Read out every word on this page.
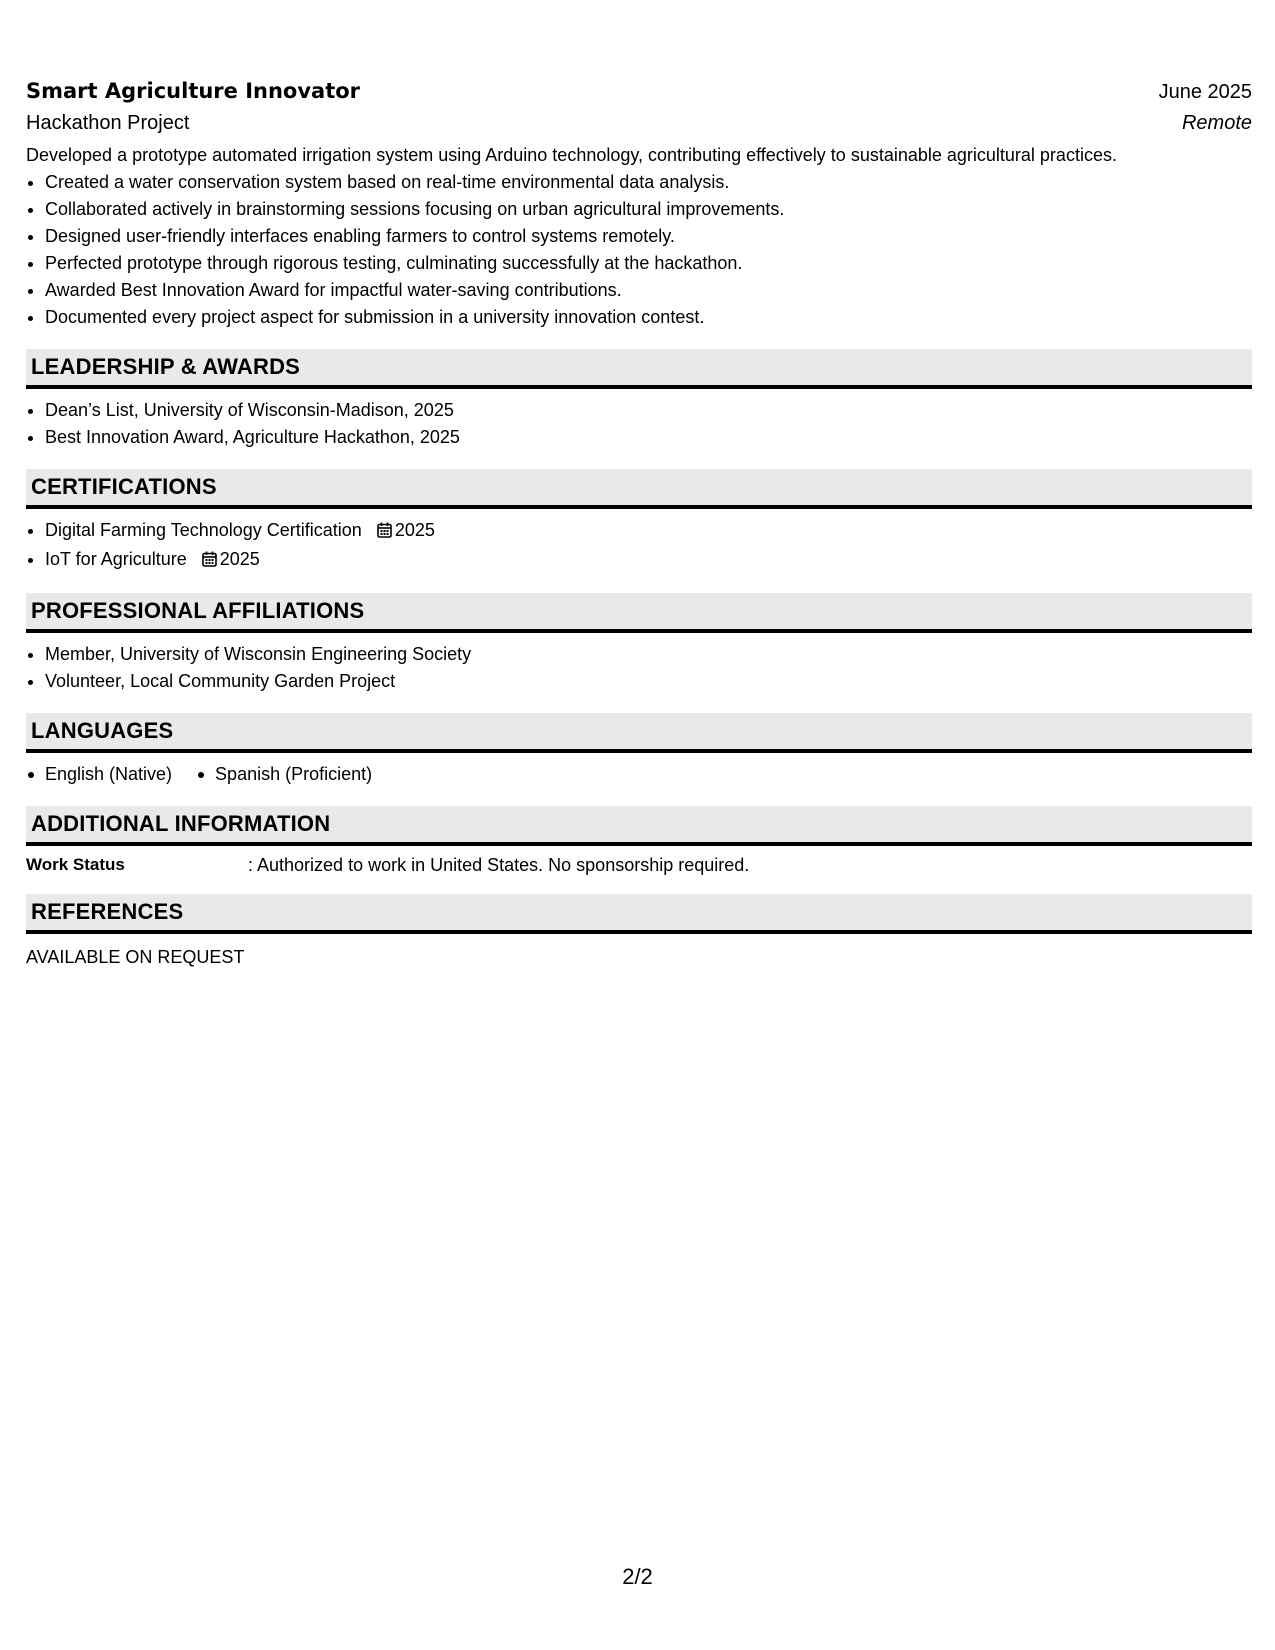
Smart Agriculture Innovator	June 2025
Hackathon Project	Remote
Developed a prototype automated irrigation system using Arduino technology, contributing effectively to sustainable agricultural practices.
• Created a water conservation system based on real-time environmental data analysis.
• Collaborated actively in brainstorming sessions focusing on urban agricultural improvements.
• Designed user-friendly interfaces enabling farmers to control systems remotely.
• Perfected prototype through rigorous testing, culminating successfully at the hackathon.
• Awarded Best Innovation Award for impactful water-saving contributions.
• Documented every project aspect for submission in a university innovation contest.
LEADERSHIP & AWARDS
• Dean’s List, University of Wisconsin-Madison, 2025
• Best Innovation Award, Agriculture Hackathon, 2025
CERTIFICATIONS
• Digital Farming Technology Certification 2025
• IoT for Agriculture 2025
PROFESSIONAL AFFILIATIONS
• Member, University of Wisconsin Engineering Society
• Volunteer, Local Community Garden Project
LANGUAGES
English (Native)	Spanish (Proficient)
ADDITIONAL INFORMATION
Work Status	: Authorized to work in United States. No sponsorship required.
REFERENCES
AVAILABLE ON REQUEST
2/2
